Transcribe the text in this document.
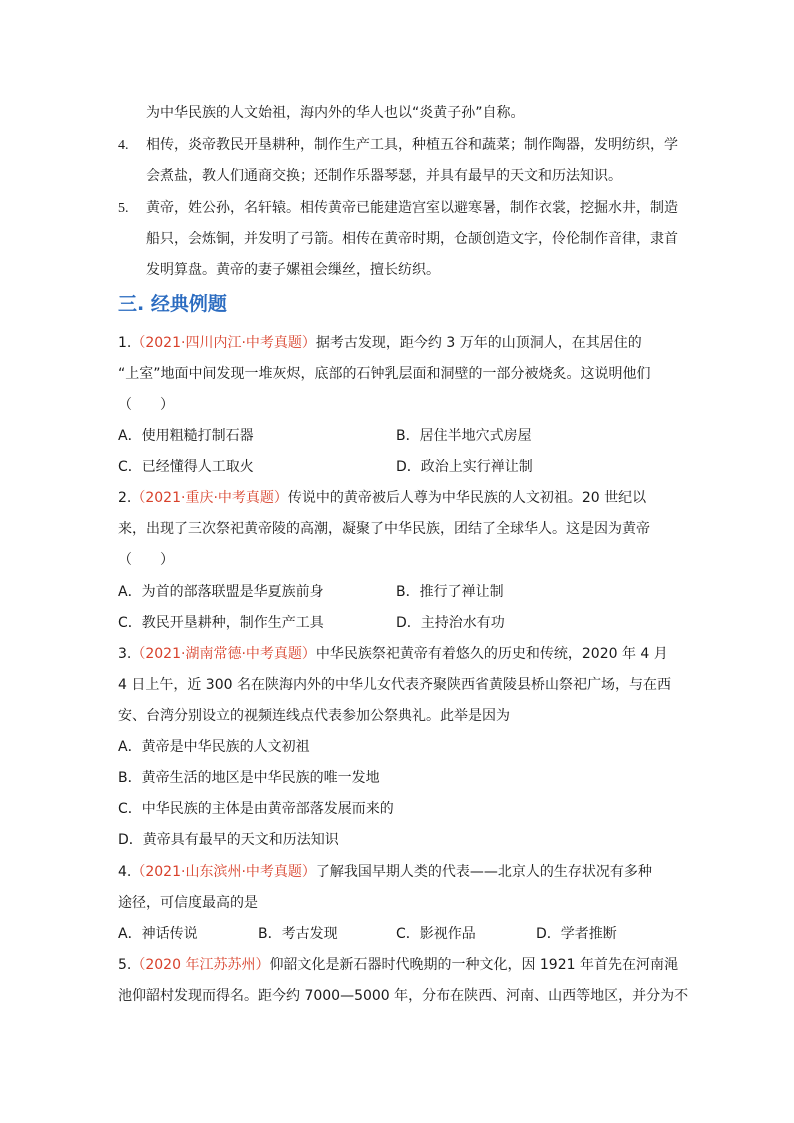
为中华民族的人文始祖，海内外的华人也以“炎黄子孙”自称。
4. 相传，炎帝教民开垦耕种，制作生产工具，种植五谷和蔬菜；制作陶器，发明纺织，学
会煮盐，教人们通商交换；还制作乐器琴瑟，并具有最早的天文和历法知识。
5. 黄帝，姓公孙，名轩辕。相传黄帝已能建造宫室以避寒暑，制作衣裳，挖掘水井，制造
船只，会炼铜，并发明了弓箭。相传在黄帝时期，仓颉创造文字，伶伦制作音律，隶首
发明算盘。黄帝的妻子嫘祖会缫丝，擅长纺织。
三. 经典例题
1.（2021·四川内江·中考真题）据考古发现，距今约 3 万年的山顶洞人，在其居住的
“上室”地面中间发现一堆灰烬，底部的石钟乳层面和洞壁的一部分被烧炙。这说明他们
（　　）
A．使用粗糙打制石器	B．居住半地穴式房屋
C．已经懂得人工取火	D．政治上实行禅让制
2.（2021·重庆·中考真题）传说中的黄帝被后人尊为中华民族的人文初祖。20 世纪以
来，出现了三次祭祀黄帝陵的高潮，凝聚了中华民族，团结了全球华人。这是因为黄帝
（　　）
A．为首的部落联盟是华夏族前身	B．推行了禅让制
C．教民开垦耕种，制作生产工具	D．主持治水有功
3.（2021·湖南常德·中考真题）中华民族祭祀黄帝有着悠久的历史和传统，2020 年 4 月
4 日上午，近 300 名在陕海内外的中华儿女代表齐聚陕西省黄陵县桥山祭祀广场，与在西
安、台湾分别设立的视频连线点代表参加公祭典礼。此举是因为
A．黄帝是中华民族的人文初祖
B．黄帝生活的地区是中华民族的唯一发地
C．中华民族的主体是由黄帝部落发展而来的
D．黄帝具有最早的天文和历法知识
4.（2021·山东滨州·中考真题）了解我国早期人类的代表——北京人的生存状况有多种
途径，可信度最高的是
A．神话传说	B．考古发现	C．影视作品	D．学者推断
5.（2020 年江苏苏州）仰韶文化是新石器时代晚期的一种文化，因 1921 年首先在河南渑
池仰韶村发现而得名。距今约 7000—5000 年，分布在陕西、河南、山西等地区，并分为不
